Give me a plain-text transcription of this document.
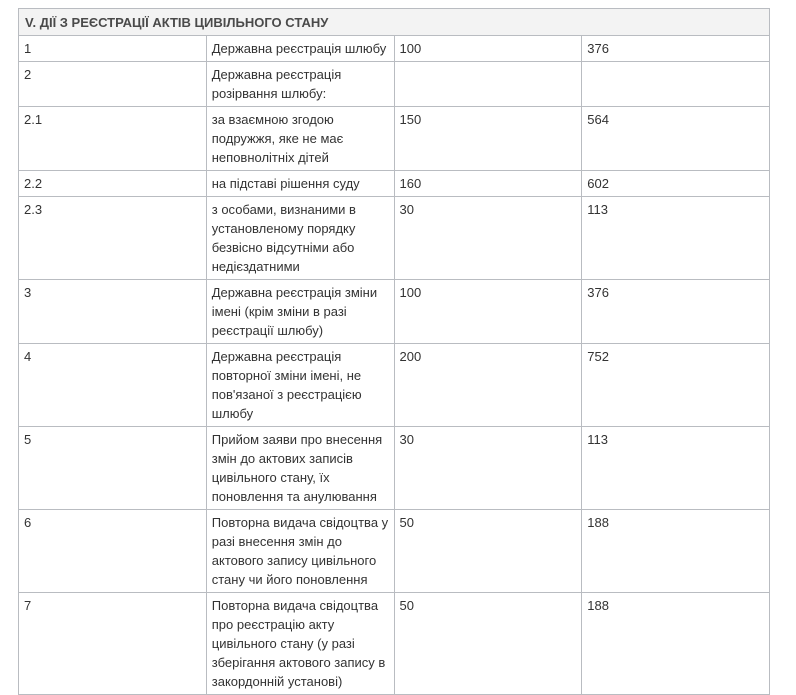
V. ДІЇ З РЕЄСТРАЦІЇ АКТІВ ЦИВІЛЬНОГО СТАНУ			
1	Державна реєстрація шлюбу	100	376
2	Державна реєстрація розірвання шлюбу:		
2.1	за взаємною згодою подружжя, яке не має неповнолітніх дітей	150	564
2.2	на підставі рішення суду	160	602
2.3	з особами, визнаними в установленому порядку безвісно відсутніми або недієздатними	30	113
3	Державна реєстрація зміни імені (крім зміни в разі реєстрації шлюбу)	100	376
4	Державна реєстрація повторної зміни імені, не пов'язаної з реєстрацією шлюбу	200	752
5	Прийом заяви про внесення змін до актових записів цивільного стану, їх поновлення та анулювання	30	113
6	Повторна видача свідоцтва у разі внесення змін до актового запису цивільного стану чи його поновлення	50	188
7	Повторна видача свідоцтва про реєстрацію акту цивільного стану (у разі зберігання актового запису в закордонній установі)	50	188
